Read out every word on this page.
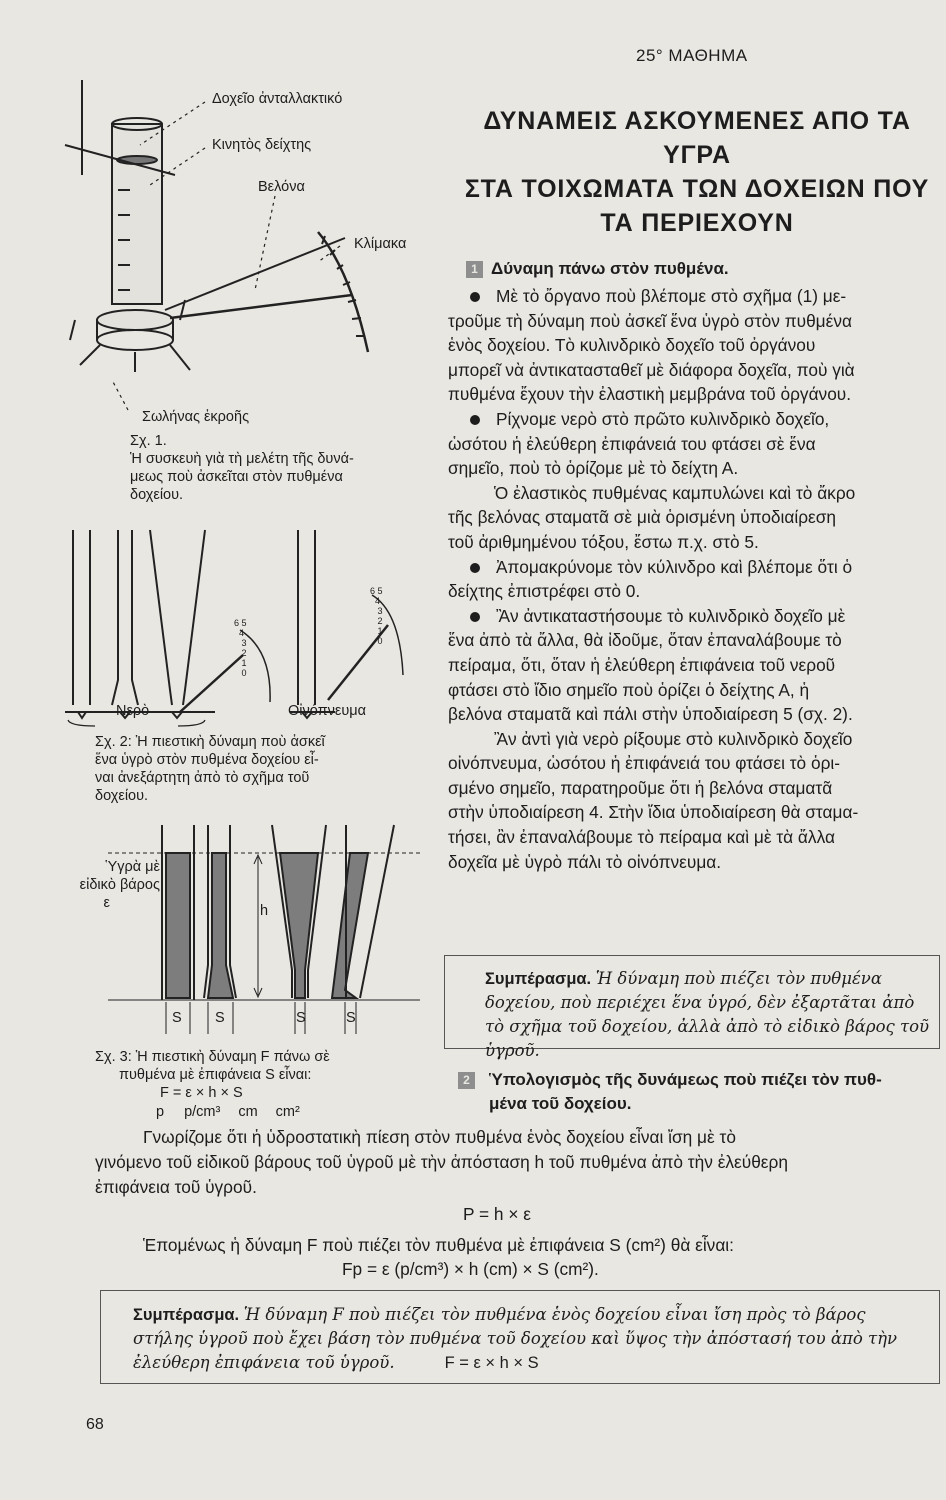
25° ΜΑΘΗΜΑ
ΔΥΝΑΜΕΙΣ ΑΣΚΟΥΜΕΝΕΣ ΑΠΟ ΤΑ
ΥΓΡΑ
ΣΤΑ ΤΟΙΧΩΜΑΤΑ ΤΩΝ ΔΟΧΕΙΩΝ ΠΟΥ
ΤΑ ΠΕΡΙΕΧΟΥΝ
1 Δύναμη πάνω στὸν πυθμένα.
Μὲ τὸ ὄργανο ποὺ βλέπομε στὸ σχῆμα (1) με-
τροῦμε τὴ δύναμη ποὺ ἀσκεῖ ἕνα ὑγρὸ στὸν πυθμένα
ἑνὸς δοχείου. Τὸ κυλινδρικὸ δοχεῖο τοῦ ὀργάνου
μπορεῖ νὰ ἀντικατασταθεῖ μὲ διάφορα δοχεῖα, ποὺ γιὰ
πυθμένα ἔχουν τὴν ἐλαστικὴ μεμβράνα τοῦ ὀργάνου.
Ρίχνομε νερὸ στὸ πρῶτο κυλινδρικὸ δοχεῖο,
ὡσότου ἡ ἐλεύθερη ἐπιφάνειά του φτάσει σὲ ἕνα
σημεῖο, ποὺ τὸ ὁρίζομε μὲ τὸ δείχτη Α.
Ὁ ἐλαστικὸς πυθμένας καμπυλώνει καὶ τὸ ἄκρο
τῆς βελόνας σταματᾶ σὲ μιὰ ὁρισμένη ὑποδιαίρεση
τοῦ ἀριθμημένου τόξου, ἔστω π.χ. στὸ 5.
Ἀπομακρύνομε τὸν κύλινδρο καὶ βλέπομε ὅτι ὁ
δείχτης ἐπιστρέφει στὸ 0.
Ἂν ἀντικαταστήσουμε τὸ κυλινδρικὸ δοχεῖο μὲ
ἕνα ἀπὸ τὰ ἄλλα, θὰ ἰδοῦμε, ὅταν ἐπαναλάβουμε τὸ
πείραμα, ὅτι, ὅταν ἡ ἐλεύθερη ἐπιφάνεια τοῦ νεροῦ
φτάσει στὸ ἴδιο σημεῖο ποὺ ὁρίζει ὁ δείχτης Α, ἡ
βελόνα σταματᾶ καὶ πάλι στὴν ὑποδιαίρεση 5 (σχ. 2).
Ἂν ἀντὶ γιὰ νερὸ ρίξουμε στὸ κυλινδρικὸ δοχεῖο
οἰνόπνευμα, ὡσότου ἡ ἐπιφάνειά του φτάσει τὸ ὁρι-
σμένο σημεῖο, παρατηροῦμε ὅτι ἡ βελόνα σταματᾶ
στὴν ὑποδιαίρεση 4. Στὴν ἴδια ὑποδιαίρεση θὰ σταμα-
τήσει, ἂν ἐπαναλάβουμε τὸ πείραμα καὶ μὲ τὰ ἄλλα
δοχεῖα μὲ ὑγρὸ πάλι τὸ οἰνόπνευμα.
Συμπέρασμα. Ἡ δύναμη ποὺ πιέζει τὸν πυθμένα
δοχείου, ποὺ περιέχει ἕνα ὑγρό, δὲν ἐξαρτᾶται ἀπὸ
τὸ σχῆμα τοῦ δοχείου, ἀλλὰ ἀπὸ τὸ εἰδικὸ βάρος τοῦ
ὑγροῦ.
2 Ὑπολογισμὸς τῆς δυνάμεως ποὺ πιέζει τὸν πυθ-
μένα τοῦ δοχείου.
Γνωρίζομε ὅτι ἡ ὑδροστατικὴ πίεση στὸν πυθμένα ἑνὸς δοχείου εἶναι ἴση μὲ τὸ
γινόμενο τοῦ εἰδικοῦ βάρους τοῦ ὑγροῦ μὲ τὴν ἀπόσταση h τοῦ πυθμένα ἀπὸ τὴν ἐλεύθερη
ἐπιφάνεια τοῦ ὑγροῦ.
P = h × ε
Ἑπομένως ἡ δύναμη F ποὺ πιέζει τὸν πυθμένα μὲ ἐπιφάνεια S (cm²) θὰ εἶναι:
Fp = ε (p/cm³) × h (cm) × S (cm²).
Συμπέρασμα. Ἡ δύναμη F ποὺ πιέζει τὸν πυθμένα ἑνὸς δοχείου εἶναι ἴση πρὸς τὸ βάρος
στήλης ὑγροῦ ποὺ ἔχει βάση τὸν πυθμένα τοῦ δοχείου καὶ ὕψος τὴν ἀπόστασή του ἀπὸ τὴν
ἐλεύθερη ἐπιφάνεια τοῦ ὑγροῦ.	F = ε × h × S
68
Δοχεῖο ἀνταλλακτικό
Κινητὸς δείχτης
Βελόνα
Κλίμακα
Σωλήνας ἐκροῆς
Σχ. 1.
Ἡ συσκευὴ γιὰ τὴ μελέτη τῆς δυνά-
μεως ποὺ ἀσκεῖται στὸν πυθμένα
δοχείου.
6 5
4
3
2
1
0
6 5
4
3
2
1
0
Νερὸ	Οἰνόπνευμα
Σχ. 2: Ἡ πιεστικὴ δύναμη ποὺ ἀσκεῖ
ἕνα ὑγρὸ στὸν πυθμένα δοχείου εἶ-
ναι ἀνεξάρτητη ἀπὸ τὸ σχῆμα τοῦ
δοχείου.
Ὑγρὰ μὲ
εἰδικὸ βάρος
ε	h
S S	S	S
Σχ. 3: Ἡ πιεστικὴ δύναμη F πάνω σὲ
πυθμένα μὲ ἐπιφάνεια S εἶναι:
F = ε × h × S
p p/cm³ cm cm²
